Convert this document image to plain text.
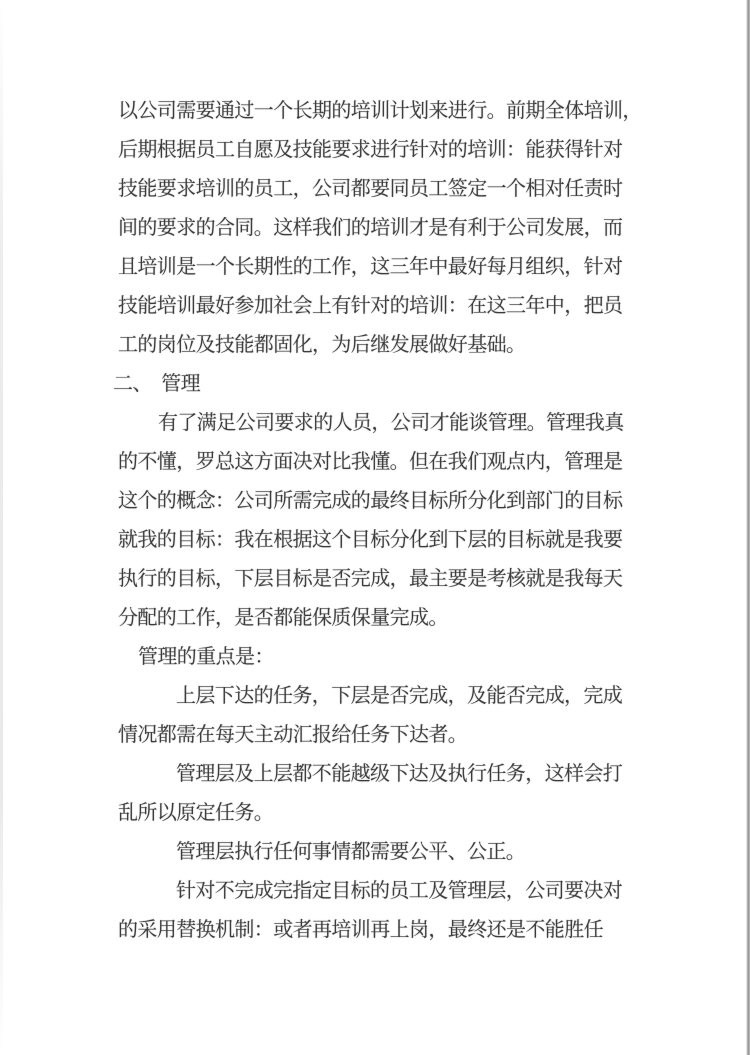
以公司需要通过一个长期的培训计划来进行。前期全体培训，
后期根据员工自愿及技能要求进行针对的培训：能获得针对
技能要求培训的员工，公司都要同员工签定一个相对任责时
间的要求的合同。这样我们的培训才是有利于公司发展，而
且培训是一个长期性的工作，这三年中最好每月组织，针对
技能培训最好参加社会上有针对的培训：在这三年中，把员
工的岗位及技能都固化，为后继发展做好基础。
二、　管理
有了满足公司要求的人员，公司才能谈管理。管理我真
的不懂，罗总这方面决对比我懂。但在我们观点内，管理是
这个的概念：公司所需完成的最终目标所分化到部门的目标
就我的目标：我在根据这个目标分化到下层的目标就是我要
执行的目标，下层目标是否完成，最主要是考核就是我每天
分配的工作，是否都能保质保量完成。
管理的重点是：
上层下达的任务，下层是否完成，及能否完成，完成
情况都需在每天主动汇报给任务下达者。
管理层及上层都不能越级下达及执行任务，这样会打
乱所以原定任务。
管理层执行任何事情都需要公平、公正。
针对不完成完指定目标的员工及管理层，公司要决对
的采用替换机制：或者再培训再上岗，最终还是不能胜任
